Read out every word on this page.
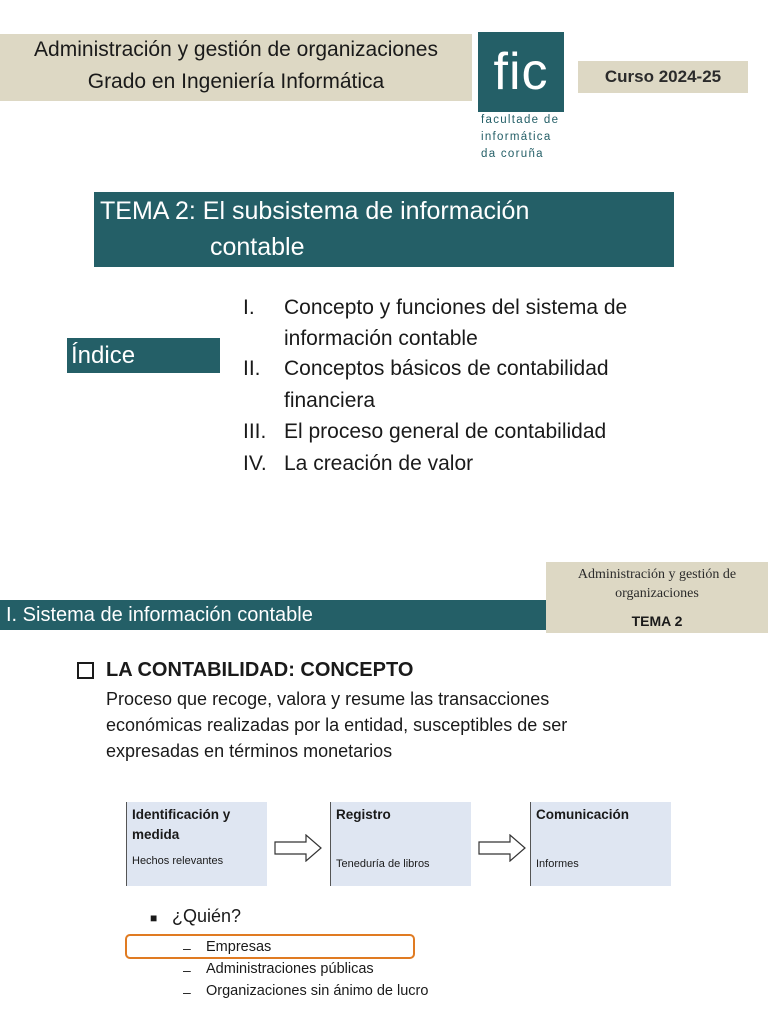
Administración y gestión de organizaciones
Grado en Ingeniería Informática	fic
facultade de
informática
da coruña
Curso 2024-25
TEMA 2: El subsistema de información
contable
Índice
I. Concepto y funciones del sistema de
información contable
II. Conceptos básicos de contabilidad
financiera
III. El proceso general de contabilidad
IV. La creación de valor
I. Sistema de información contable
Administración y gestión de
organizaciones
TEMA 2
LA CONTABILIDAD: CONCEPTO
Proceso que recoge, valora y resume las transacciones
económicas realizadas por la entidad, susceptibles de ser
expresadas en términos monetarios
Identificación y
medida
Hechos relevantes
Registro
Teneduría de libros
Comunicación
Informes
■ ¿Quién?
– Empresas
– Administraciones públicas
– Organizaciones sin ánimo de lucro
